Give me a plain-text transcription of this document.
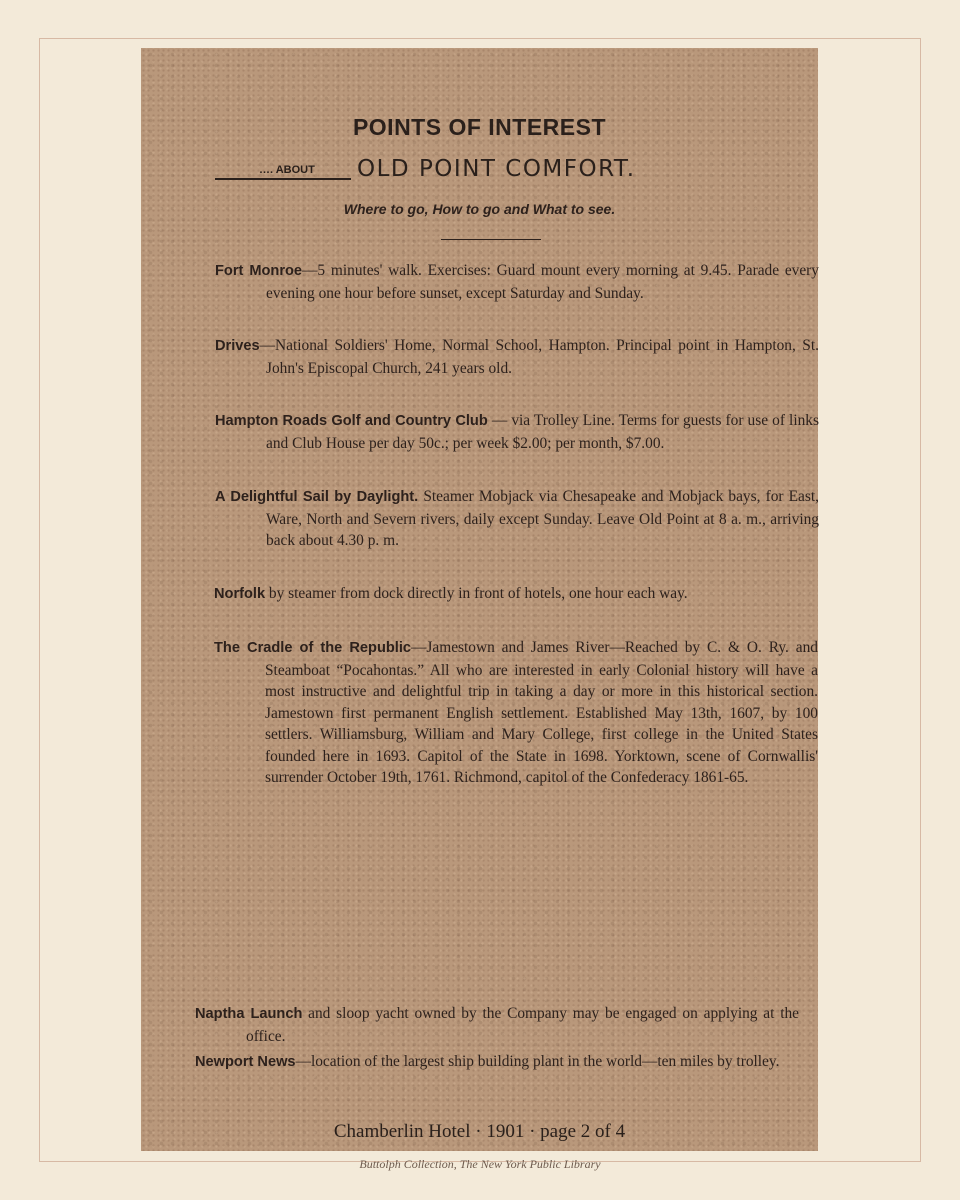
POINTS OF INTEREST
…. ABOUT OLD POINT COMFORT.
Where to go, How to go and What to see.
Fort Monroe—5 minutes' walk. Exercises: Guard mount every morning at 9.45. Parade every evening one hour before sunset, except Saturday and Sunday.
Drives—National Soldiers' Home, Normal School, Hampton. Principal point in Hampton, St. John's Episcopal Church, 241 years old.
Hampton Roads Golf and Country Club — via Trolley Line. Terms for guests for use of links and Club House per day 50c.; per week $2.00; per month, $7.00.
A Delightful Sail by Daylight. Steamer Mobjack via Chesapeake and Mobjack bays, for East, Ware, North and Severn rivers, daily except Sunday. Leave Old Point at 8 a. m., arriving back about 4.30 p. m.
Norfolk by steamer from dock directly in front of hotels, one hour each way.
The Cradle of the Republic—Jamestown and James River—Reached by C. & O. Ry. and Steamboat “Pocahontas.” All who are interested in early Colonial history will have a most instructive and delightful trip in taking a day or more in this historical section. Jamestown first permanent English settlement. Established May 13th, 1607, by 100 settlers. Williamsburg, William and Mary College, first college in the United States founded here in 1693. Capitol of the State in 1698. Yorktown, scene of Cornwallis' surrender October 19th, 1761. Richmond, capitol of the Confederacy 1861-65.
Naptha Launch and sloop yacht owned by the Company may be engaged on applying at the office.
Newport News—location of the largest ship building plant in the world—ten miles by trolley.
Chamberlin Hotel · 1901 · page 2 of 4
Buttolph Collection, The New York Public Library
